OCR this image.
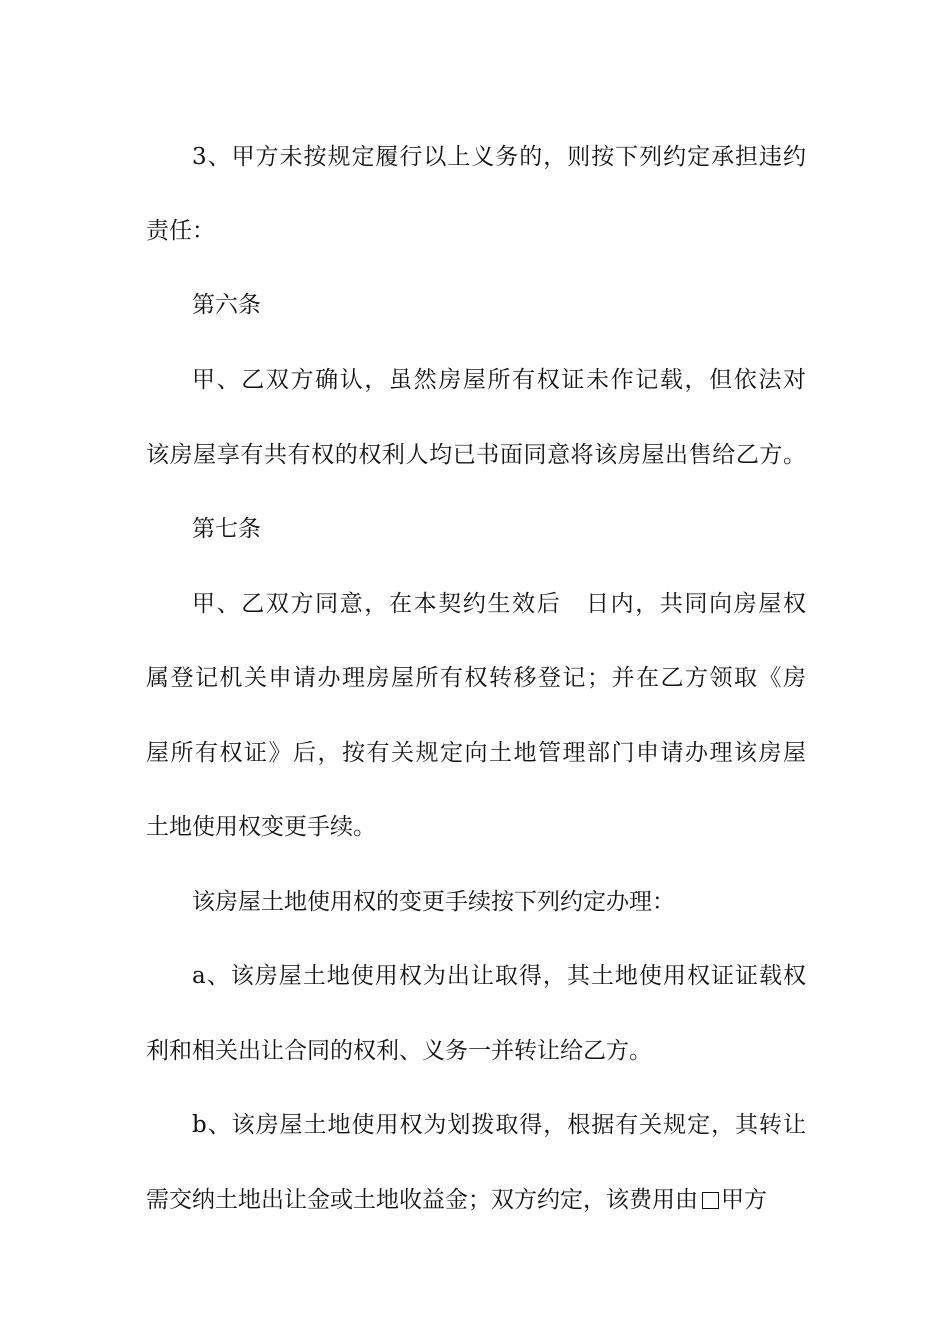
3、甲方未按规定履行以上义务的，则按下列约定承担违约
责任：
第六条
甲、乙双方确认，虽然房屋所有权证未作记载，但依法对
该房屋享有共有权的权利人均已书面同意将该房屋出售给乙方。
第七条
甲、乙双方同意，在本契约生效后　日内，共同向房屋权
属登记机关申请办理房屋所有权转移登记；并在乙方领取《房
屋所有权证》后，按有关规定向土地管理部门申请办理该房屋
土地使用权变更手续。
该房屋土地使用权的变更手续按下列约定办理：
a、该房屋土地使用权为出让取得，其土地使用权证证载权
利和相关出让合同的权利、义务一并转让给乙方。
b、该房屋土地使用权为划拨取得，根据有关规定，其转让
需交纳土地出让金或土地收益金；双方约定，该费用由 甲方
